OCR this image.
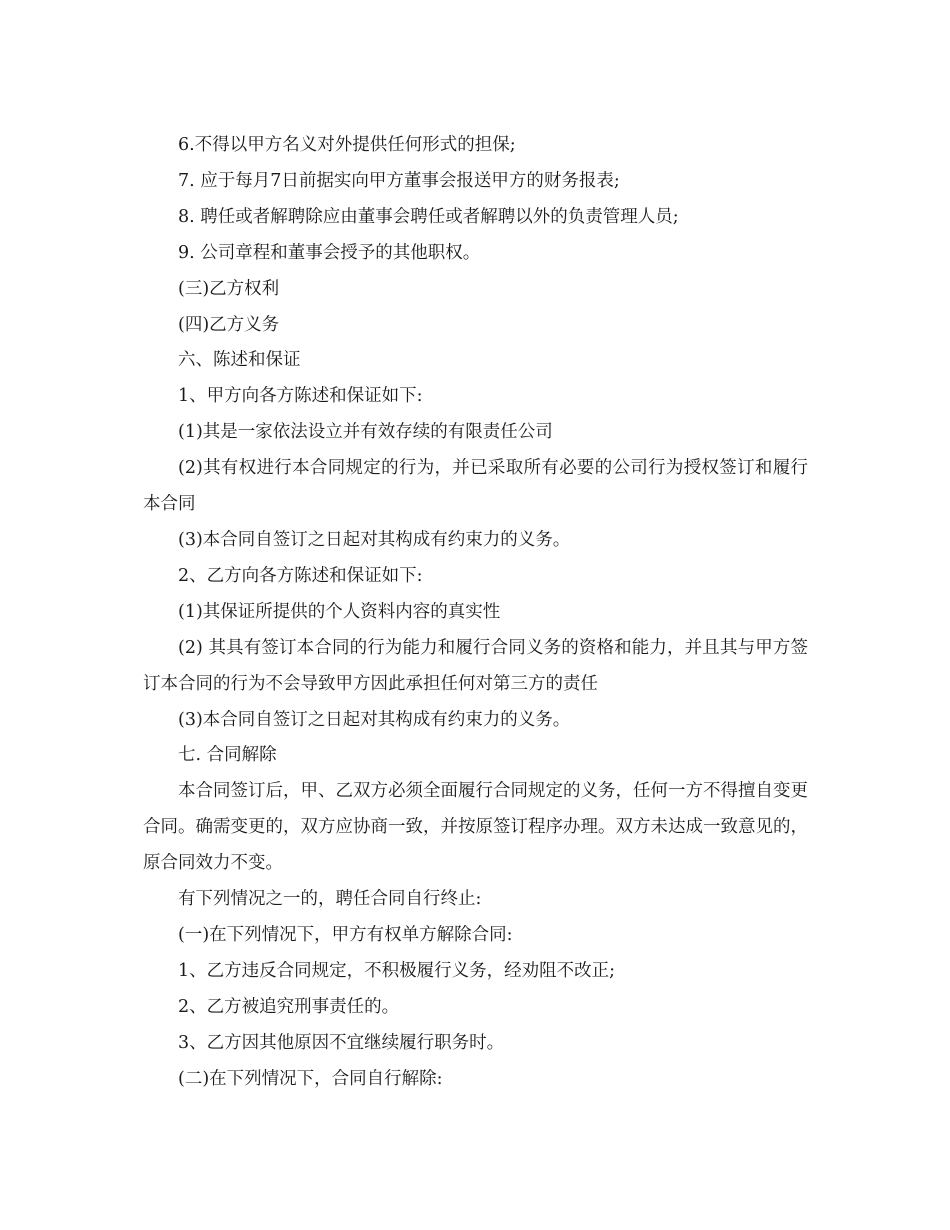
6.不得以甲方名义对外提供任何形式的担保;

7. 应于每月7日前据实向甲方董事会报送甲方的财务报表;

8. 聘任或者解聘除应由董事会聘任或者解聘以外的负责管理人员;

9. 公司章程和董事会授予的其他职权。

(三)乙方权利

(四)乙方义务

六、陈述和保证

1、甲方向各方陈述和保证如下:

(1)其是一家依法设立并有效存续的有限责任公司

(2)其有权进行本合同规定的行为，并已采取所有必要的公司行为授权签订和履行本合同

(3)本合同自签订之日起对其构成有约束力的义务。

2、乙方向各方陈述和保证如下:

(1)其保证所提供的个人资料内容的真实性

(2) 其具有签订本合同的行为能力和履行合同义务的资格和能力，并且其与甲方签订本合同的行为不会导致甲方因此承担任何对第三方的责任

(3)本合同自签订之日起对其构成有约束力的义务。

七. 合同解除

本合同签订后，甲、乙双方必须全面履行合同规定的义务，任何一方不得擅自变更合同。确需变更的，双方应协商一致，并按原签订程序办理。双方未达成一致意见的，原合同效力不变。

有下列情况之一的，聘任合同自行终止:

(一)在下列情况下，甲方有权单方解除合同:

1、乙方违反合同规定，不积极履行义务，经劝阻不改正;

2、乙方被追究刑事责任的。

3、乙方因其他原因不宜继续履行职务时。

(二)在下列情况下，合同自行解除:
